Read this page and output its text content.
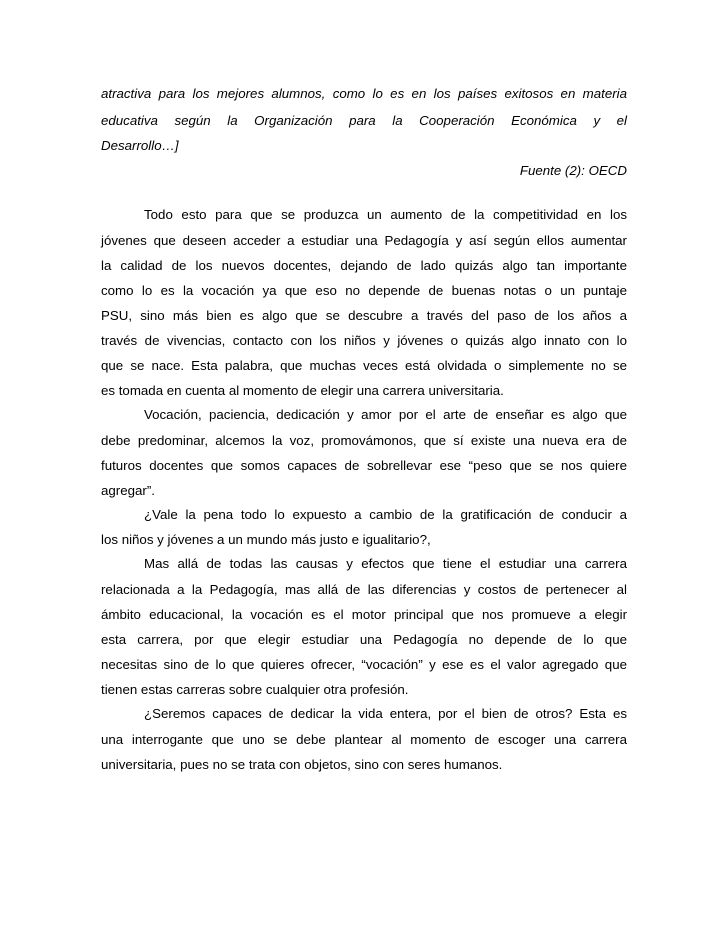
atractiva para los mejores alumnos, como lo es en los países exitosos en materia
educativa según la Organización para la Cooperación Económica y el
Desarrollo…]
Fuente (2): OECD
Todo esto para que se produzca un aumento de la competitividad en los
jóvenes que deseen acceder a estudiar una Pedagogía y así según ellos aumentar
la calidad de los nuevos docentes, dejando de lado quizás algo tan importante
como lo es la vocación ya que eso no depende de buenas notas o un puntaje
PSU, sino más bien es algo que se descubre a través del paso de los años a
través de vivencias, contacto con los niños y jóvenes o quizás algo innato con lo
que se nace. Esta palabra, que muchas veces está olvidada o simplemente no se
es tomada en cuenta al momento de elegir una carrera universitaria.
Vocación, paciencia, dedicación y amor por el arte de enseñar es algo que
debe predominar, alcemos la voz, promovámonos, que sí existe una nueva era de
futuros docentes que somos capaces de sobrellevar ese “peso que se nos quiere
agregar”.
¿Vale la pena todo lo expuesto a cambio de la gratificación de conducir a
los niños y jóvenes a un mundo más justo e igualitario?,
Mas allá de todas las causas y efectos que tiene el estudiar una carrera
relacionada a la Pedagogía, mas allá de las diferencias y costos de pertenecer al
ámbito educacional, la vocación es el motor principal que nos promueve a elegir
esta carrera, por que elegir estudiar una Pedagogía no depende de lo que
necesitas sino de lo que quieres ofrecer, “vocación” y ese es el valor agregado que
tienen estas carreras sobre cualquier otra profesión.
¿Seremos capaces de dedicar la vida entera, por el bien de otros? Esta es
una interrogante que uno se debe plantear al momento de escoger una carrera
universitaria, pues no se trata con objetos, sino con seres humanos.
